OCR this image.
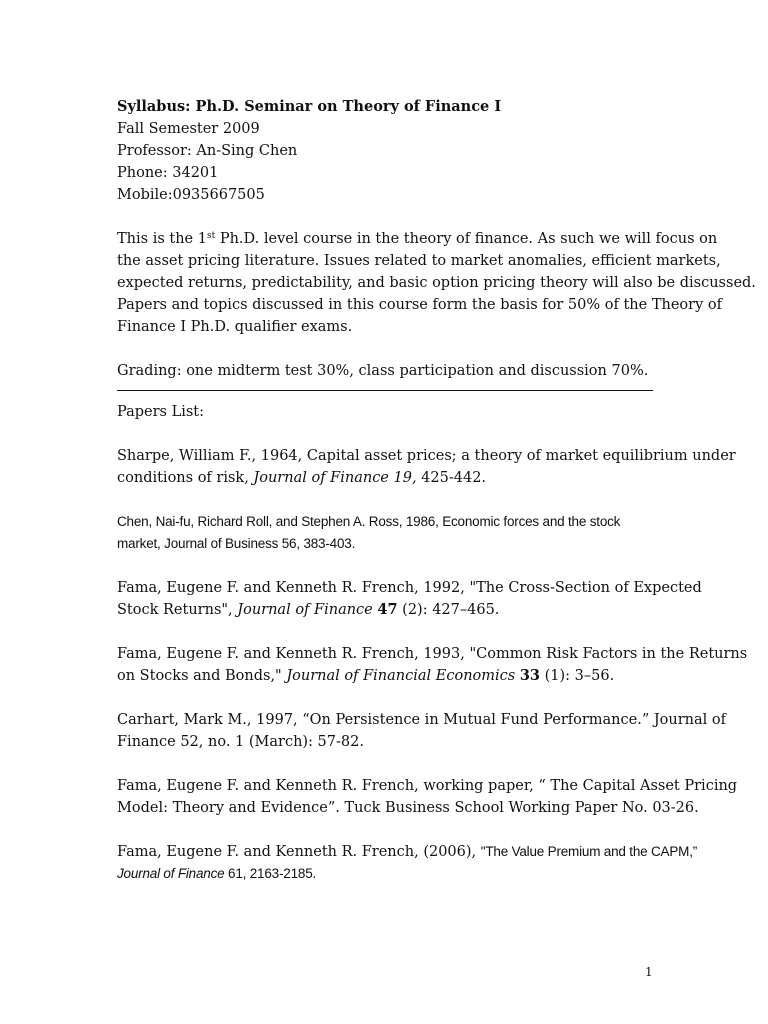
Syllabus: Ph.D. Seminar on Theory of Finance I
Fall Semester 2009
Professor: An-Sing Chen
Phone: 34201
Mobile:0935667505
This is the 1st Ph.D. level course in the theory of finance. As such we will focus on
the asset pricing literature. Issues related to market anomalies, efficient markets,
expected returns, predictability, and basic option pricing theory will also be discussed.
Papers and topics discussed in this course form the basis for 50% of the Theory of
Finance I Ph.D. qualifier exams.
Grading: one midterm test 30%, class participation and discussion 70%.
Papers List:
Sharpe, William F., 1964, Capital asset prices; a theory of market equilibrium under
conditions of risk, Journal of Finance 19, 425-442.
Chen, Nai-fu, Richard Roll, and Stephen A. Ross, 1986, Economic forces and the stock
market, Journal of Business 56, 383-403.
Fama, Eugene F. and Kenneth R. French, 1992, "The Cross-Section of Expected
Stock Returns", Journal of Finance 47 (2): 427–465.
Fama, Eugene F. and Kenneth R. French, 1993, "Common Risk Factors in the Returns
on Stocks and Bonds," Journal of Financial Economics 33 (1): 3–56.
Carhart, Mark M., 1997, “On Persistence in Mutual Fund Performance.” Journal of
Finance 52, no. 1 (March): 57-82.
Fama, Eugene F. and Kenneth R. French, working paper, “ The Capital Asset Pricing
Model: Theory and Evidence”. Tuck Business School Working Paper No. 03-26.
Fama, Eugene F. and Kenneth R. French, (2006), "The Value Premium and the CAPM,”
Journal of Finance 61, 2163-2185.
1
